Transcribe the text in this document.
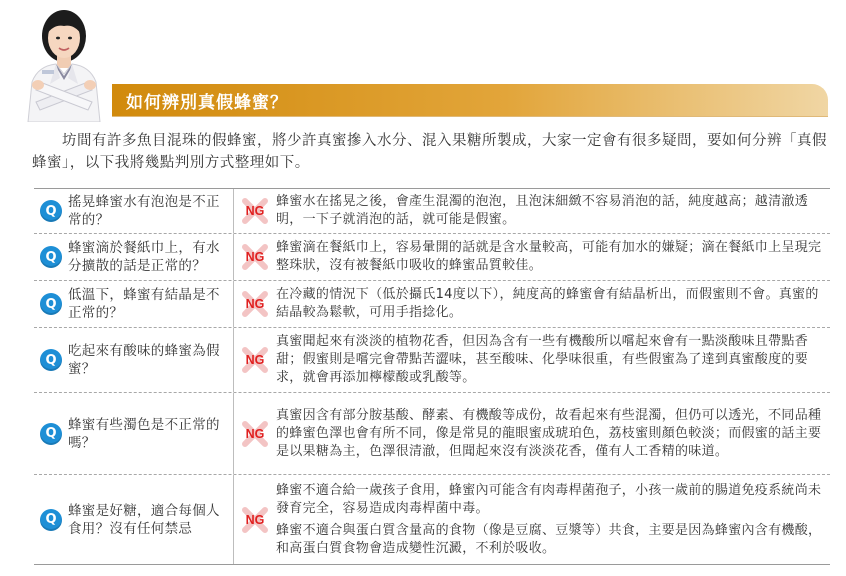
如何辨別真假蜂蜜？

坊間有許多魚目混珠的假蜂蜜，將少許真蜜摻入水分、混入果糖所製成，大家一定會有很多疑問，要如何分辨「真假蜂蜜」，以下我將幾點判別方式整理如下。

Q
搖晃蜂蜜水有泡泡是不正常的？
NG

蜂蜜水在搖晃之後，會產生混濁的泡泡，且泡沫細緻不容易消泡的話，純度越高；越清澈透明，一下子就消泡的話，就可能是假蜜。

Q
蜂蜜滴於餐紙巾上，有水分擴散的話是正常的？
NG

蜂蜜滴在餐紙巾上，容易暈開的話就是含水量較高，可能有加水的嫌疑；滴在餐紙巾上呈現完整珠狀，沒有被餐紙巾吸收的蜂蜜品質較佳。

Q
低溫下，蜂蜜有結晶是不正常的？
NG

在冷藏的情況下（低於攝氏14度以下），純度高的蜂蜜會有結晶析出，而假蜜則不會。真蜜的結晶較為鬆軟，可用手指捻化。

Q
吃起來有酸味的蜂蜜為假蜜？
NG

真蜜聞起來有淡淡的植物花香，但因為含有一些有機酸所以嚐起來會有一點淡酸味且帶點香甜；假蜜則是嚐完會帶點苦澀味，甚至酸味、化學味很重，有些假蜜為了達到真蜜酸度的要求，就會再添加檸檬酸或乳酸等。

Q
蜂蜜有些濁色是不正常的嗎？
NG

真蜜因含有部分胺基酸、酵素、有機酸等成份，故看起來有些混濁，但仍可以透光，不同品種的蜂蜜色澤也會有所不同，像是常見的龍眼蜜成琥珀色，荔枝蜜則顏色較淡；而假蜜的話主要是以果糖為主，色澤很清澈，但聞起來沒有淡淡花香，僅有人工香精的味道。

Q
蜂蜜是好糖，適合每個人食用？沒有任何禁忌
NG

蜂蜜不適合給一歲孩子食用，蜂蜜內可能含有肉毒桿菌孢子，小孩一歲前的腸道免疫系統尚未發育完全，容易造成肉毒桿菌中毒。

蜂蜜不適合與蛋白質含量高的食物（像是豆腐、豆漿等）共食，主要是因為蜂蜜內含有機酸，和高蛋白質食物會造成變性沉澱，不利於吸收。
